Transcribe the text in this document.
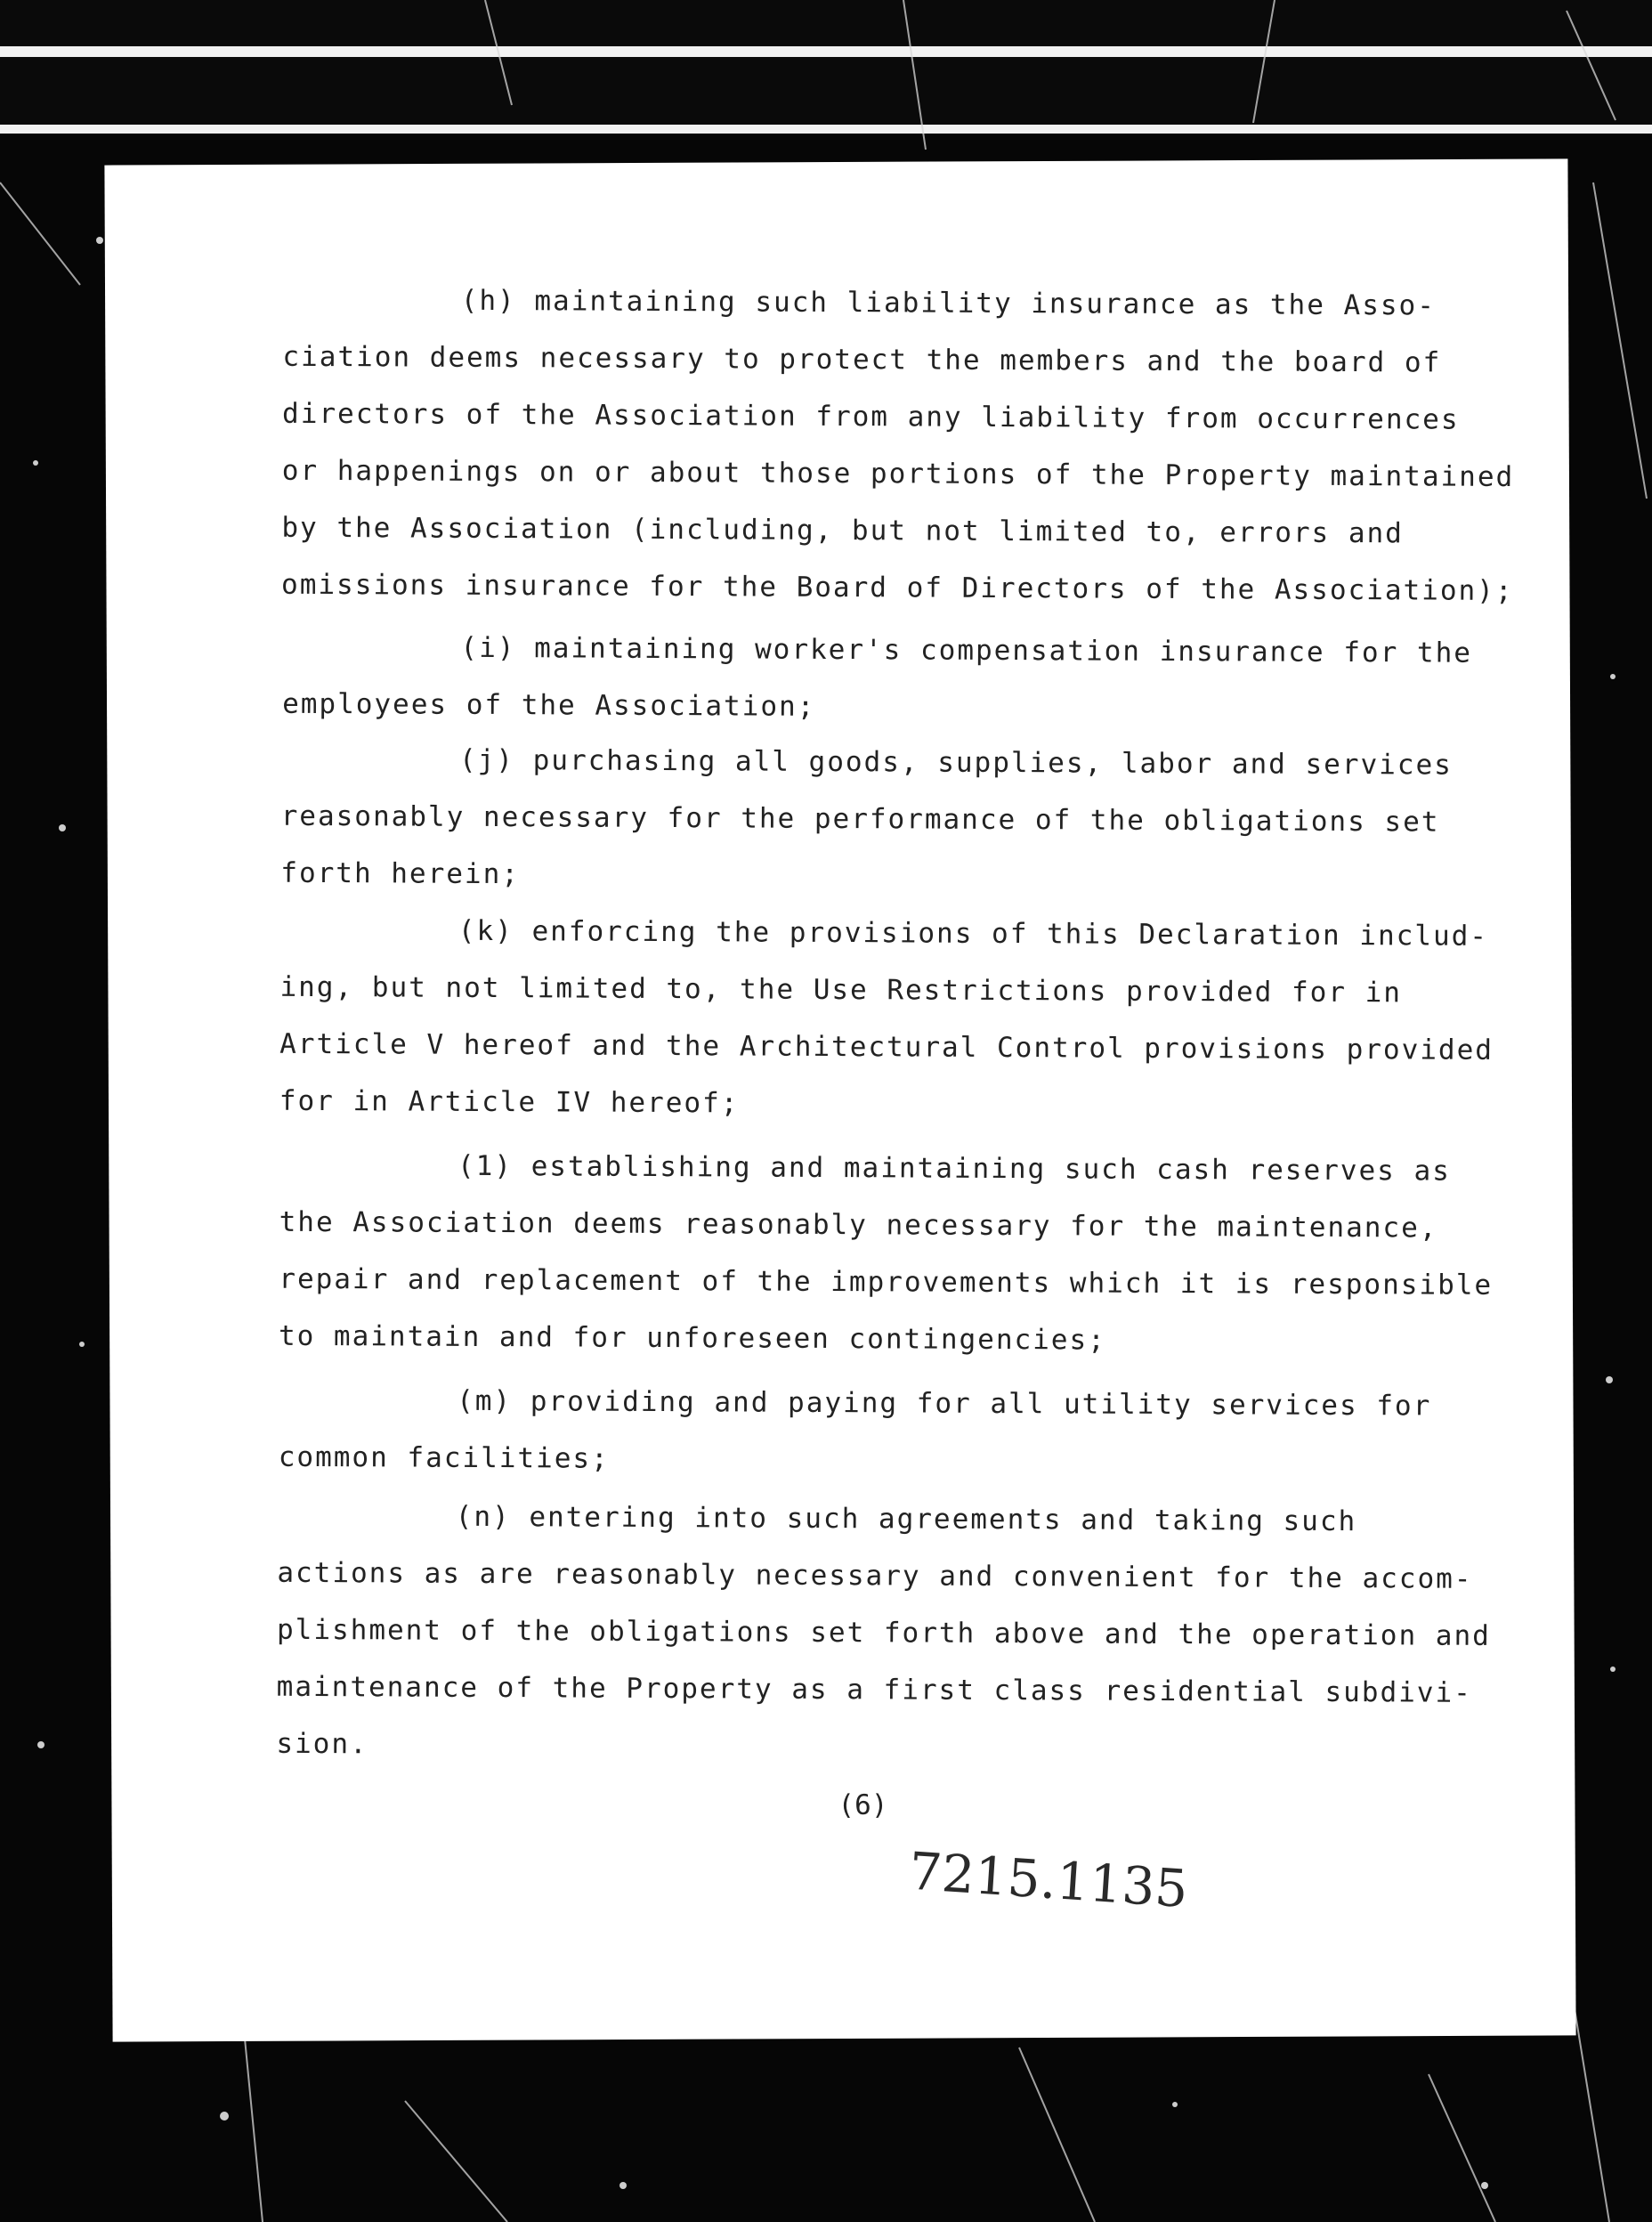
(h) maintaining such liability insurance as the Asso-
ciation deems necessary to protect the members and the board of
directors of the Association from any liability from occurrences
or happenings on or about those portions of the Property maintained
by the Association (including, but not limited to, errors and
omissions insurance for the Board of Directors of the Association);
(i) maintaining worker's compensation insurance for the
employees of the Association;
(j) purchasing all goods, supplies, labor and services
reasonably necessary for the performance of the obligations set
forth herein;
(k) enforcing the provisions of this Declaration includ-
ing, but not limited to, the Use Restrictions provided for in
Article V hereof and the Architectural Control provisions provided
for in Article IV hereof;
(1) establishing and maintaining such cash reserves as
the Association deems reasonably necessary for the maintenance,
repair and replacement of the improvements which it is responsible
to maintain and for unforeseen contingencies;
(m) providing and paying for all utility services for
common facilities;
(n) entering into such agreements and taking such
actions as are reasonably necessary and convenient for the accom-
plishment of the obligations set forth above and the operation and
maintenance of the Property as a first class residential subdivi-
sion.
(6)
7215.1135
